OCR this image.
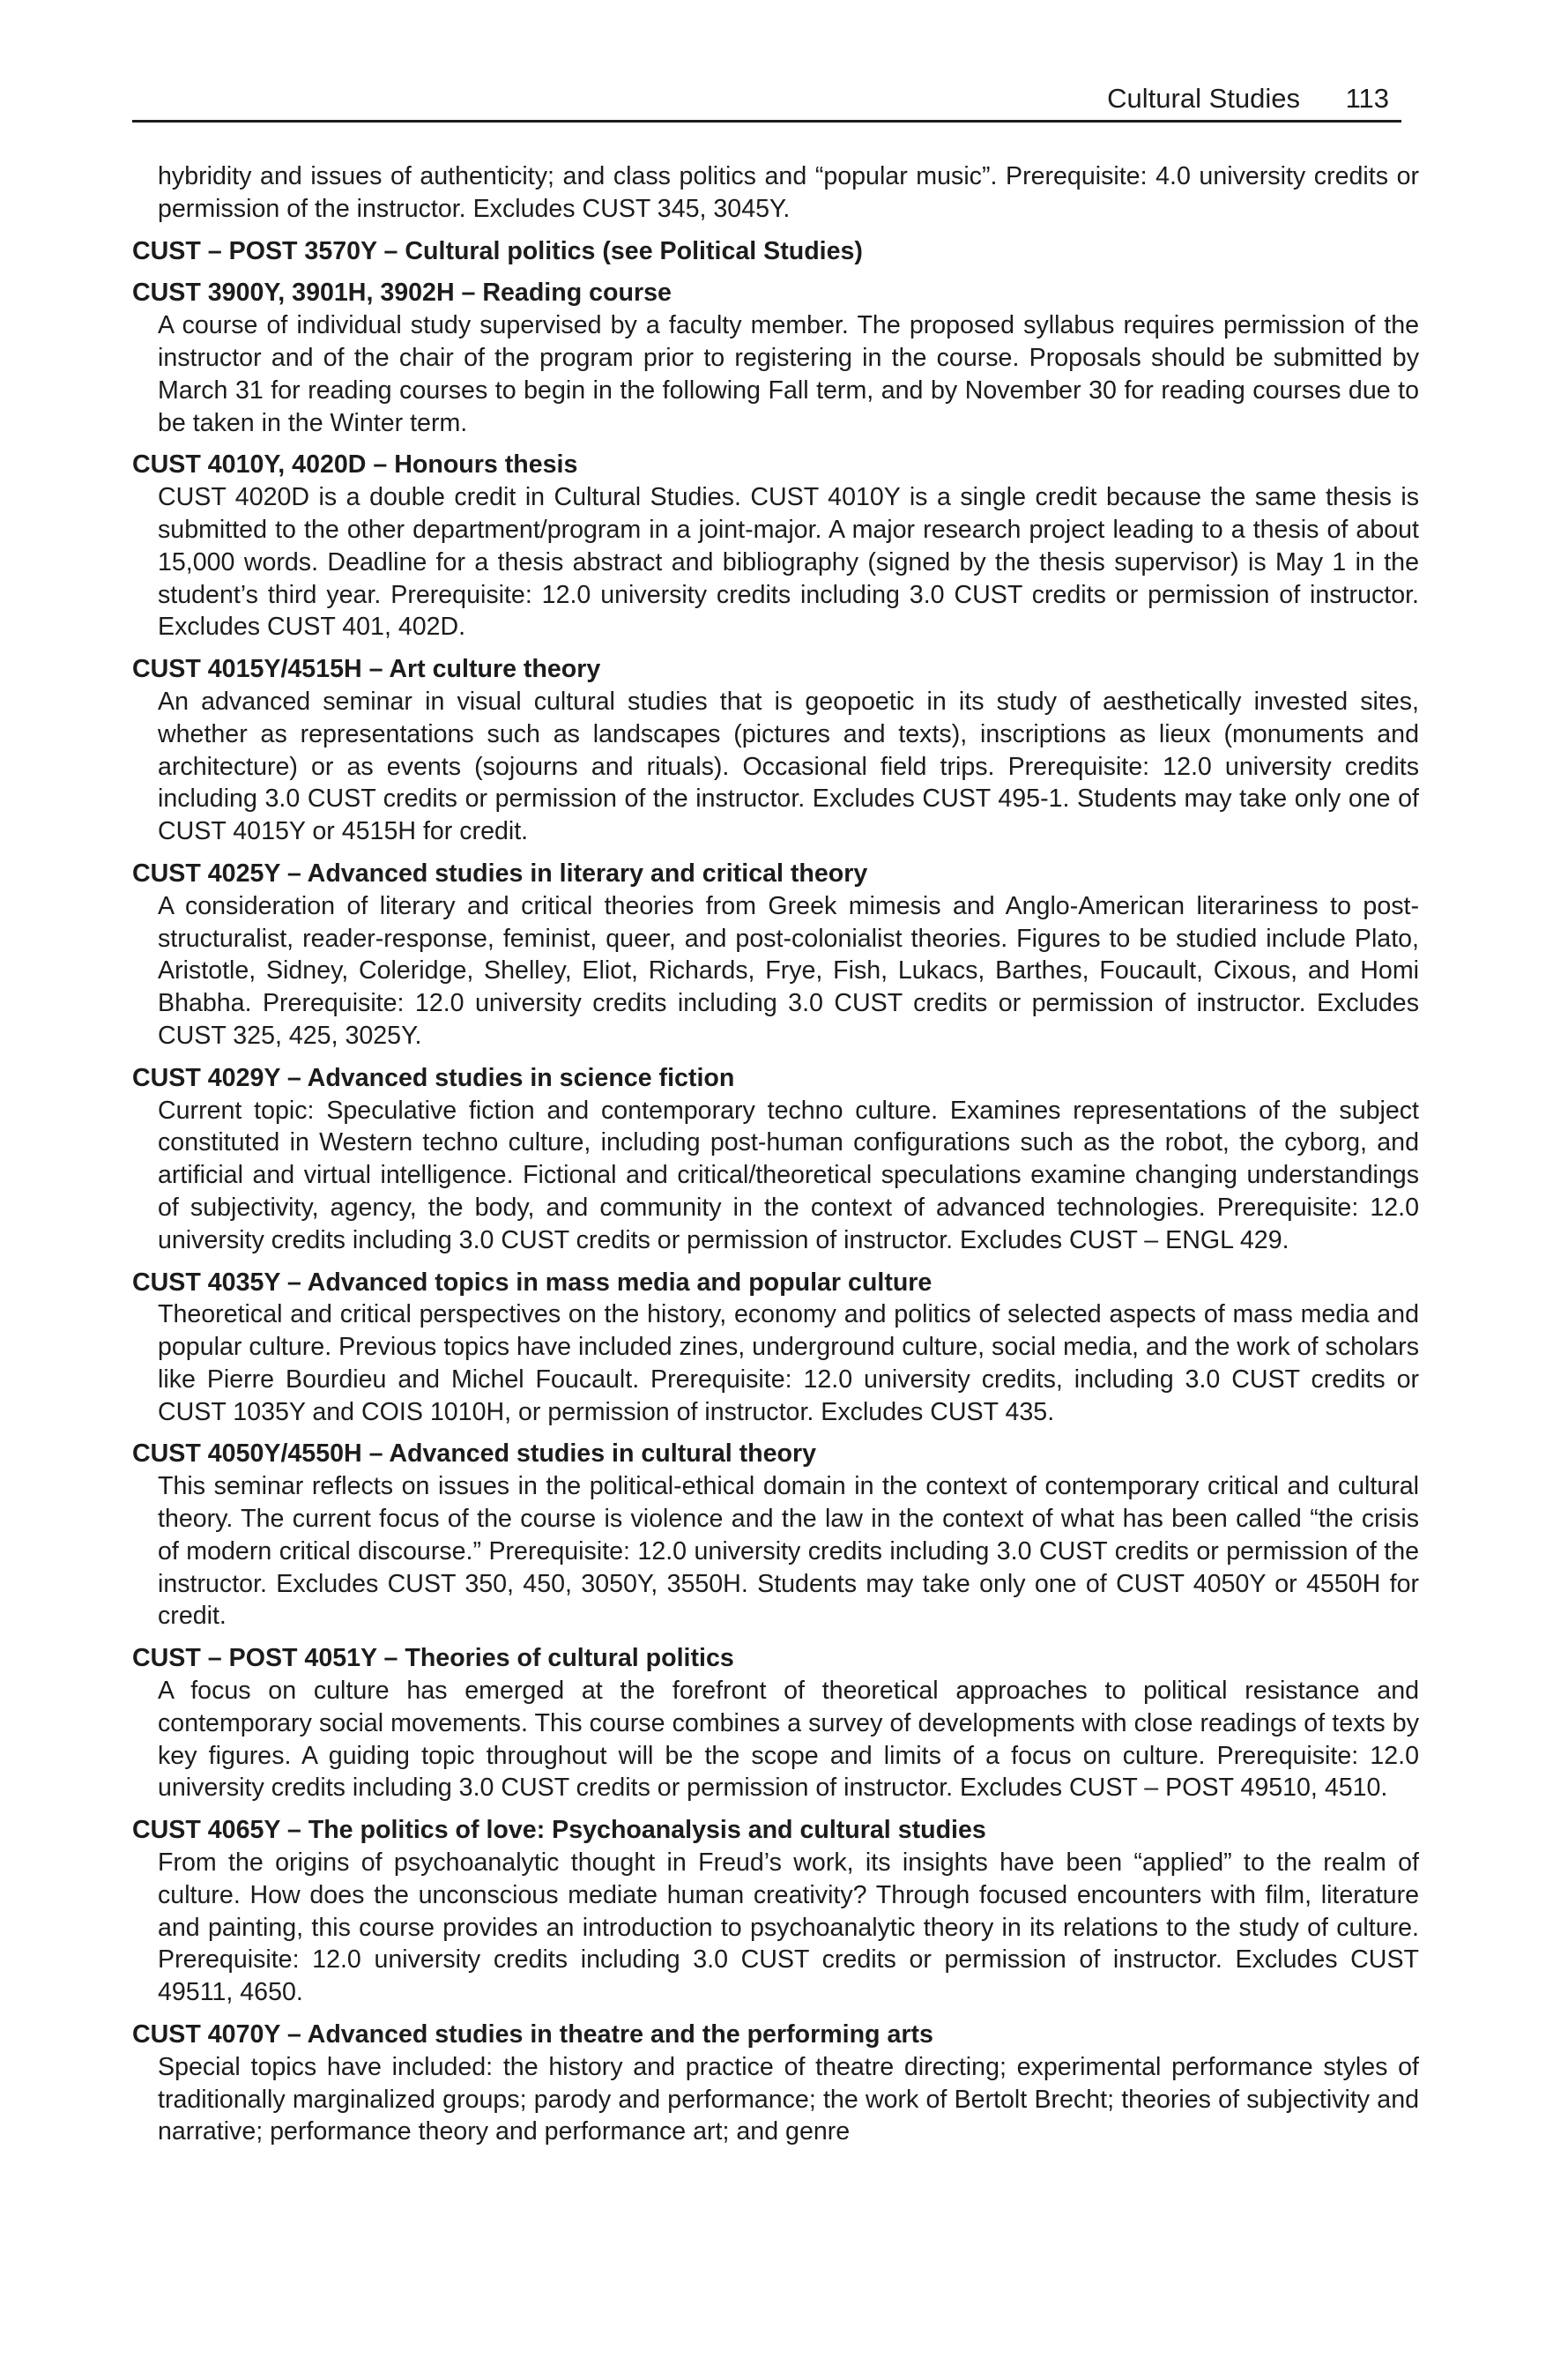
Cultural Studies 113

hybridity and issues of authenticity; and class politics and “popular music”. Prerequisite: 4.0 university credits or permission of the instructor. Excludes CUST 345, 3045Y.

CUST – POST 3570Y – Cultural politics (see Political Studies)
CUST 3900Y, 3901H, 3902H – Reading course

A course of individual study supervised by a faculty member. The proposed syllabus requires permission of the instructor and of the chair of the program prior to registering in the course. Proposals should be submitted by March 31 for reading courses to begin in the following Fall term, and by November 30 for reading courses due to be taken in the Winter term.

CUST 4010Y, 4020D – Honours thesis

CUST 4020D is a double credit in Cultural Studies. CUST 4010Y is a single credit because the same thesis is submitted to the other department/program in a joint-major. A major research project leading to a thesis of about 15,000 words. Deadline for a thesis abstract and bibliography (signed by the thesis supervisor) is May 1 in the student’s third year. Prerequisite: 12.0 university credits including 3.0 CUST credits or permission of instructor. Excludes CUST 401, 402D.

CUST 4015Y/4515H – Art culture theory

An advanced seminar in visual cultural studies that is geopoetic in its study of aesthetically invested sites, whether as representations such as landscapes (pictures and texts), inscriptions as lieux (monuments and architecture) or as events (sojourns and rituals). Occasional field trips. Prerequisite: 12.0 university credits including 3.0 CUST credits or permission of the instructor. Excludes CUST 495-1. Students may take only one of CUST 4015Y or 4515H for credit.

CUST 4025Y – Advanced studies in literary and critical theory

A consideration of literary and critical theories from Greek mimesis and Anglo-American literariness to post-structuralist, reader-response, feminist, queer, and post-colonialist theories. Figures to be studied include Plato, Aristotle, Sidney, Coleridge, Shelley, Eliot, Richards, Frye, Fish, Lukacs, Barthes, Foucault, Cixous, and Homi Bhabha. Prerequisite: 12.0 university credits including 3.0 CUST credits or permission of instructor. Excludes CUST 325, 425, 3025Y.

CUST 4029Y – Advanced studies in science fiction

Current topic: Speculative fiction and contemporary techno culture. Examines representations of the subject constituted in Western techno culture, including post-human configurations such as the robot, the cyborg, and artificial and virtual intelligence. Fictional and critical/theoretical speculations examine changing understandings of subjectivity, agency, the body, and community in the context of advanced technologies. Prerequisite: 12.0 university credits including 3.0 CUST credits or permission of instructor. Excludes CUST – ENGL 429.

CUST 4035Y – Advanced topics in mass media and popular culture

Theoretical and critical perspectives on the history, economy and politics of selected aspects of mass media and popular culture. Previous topics have included zines, underground culture, social media, and the work of scholars like Pierre Bourdieu and Michel Foucault. Prerequisite: 12.0 university credits, including 3.0 CUST credits or CUST 1035Y and COIS 1010H, or permission of instructor. Excludes CUST 435.

CUST 4050Y/4550H – Advanced studies in cultural theory

This seminar reflects on issues in the political-ethical domain in the context of contemporary critical and cultural theory. The current focus of the course is violence and the law in the context of what has been called “the crisis of modern critical discourse.” Prerequisite: 12.0 university credits including 3.0 CUST credits or permission of the instructor. Excludes CUST 350, 450, 3050Y, 3550H. Students may take only one of CUST 4050Y or 4550H for credit.

CUST – POST 4051Y – Theories of cultural politics

A focus on culture has emerged at the forefront of theoretical approaches to political resistance and contemporary social movements. This course combines a survey of developments with close readings of texts by key figures. A guiding topic throughout will be the scope and limits of a focus on culture. Prerequisite: 12.0 university credits including 3.0 CUST credits or permission of instructor. Excludes CUST – POST 49510, 4510.

CUST 4065Y – The politics of love: Psychoanalysis and cultural studies

From the origins of psychoanalytic thought in Freud’s work, its insights have been “applied” to the realm of culture. How does the unconscious mediate human creativity? Through focused encounters with film, literature and painting, this course provides an introduction to psychoanalytic theory in its relations to the study of culture. Prerequisite: 12.0 university credits including 3.0 CUST credits or permission of instructor. Excludes CUST 49511, 4650.

CUST 4070Y – Advanced studies in theatre and the performing arts

Special topics have included: the history and practice of theatre directing; experimental performance styles of traditionally marginalized groups; parody and performance; the work of Bertolt Brecht; theories of subjectivity and narrative; performance theory and performance art; and genre
